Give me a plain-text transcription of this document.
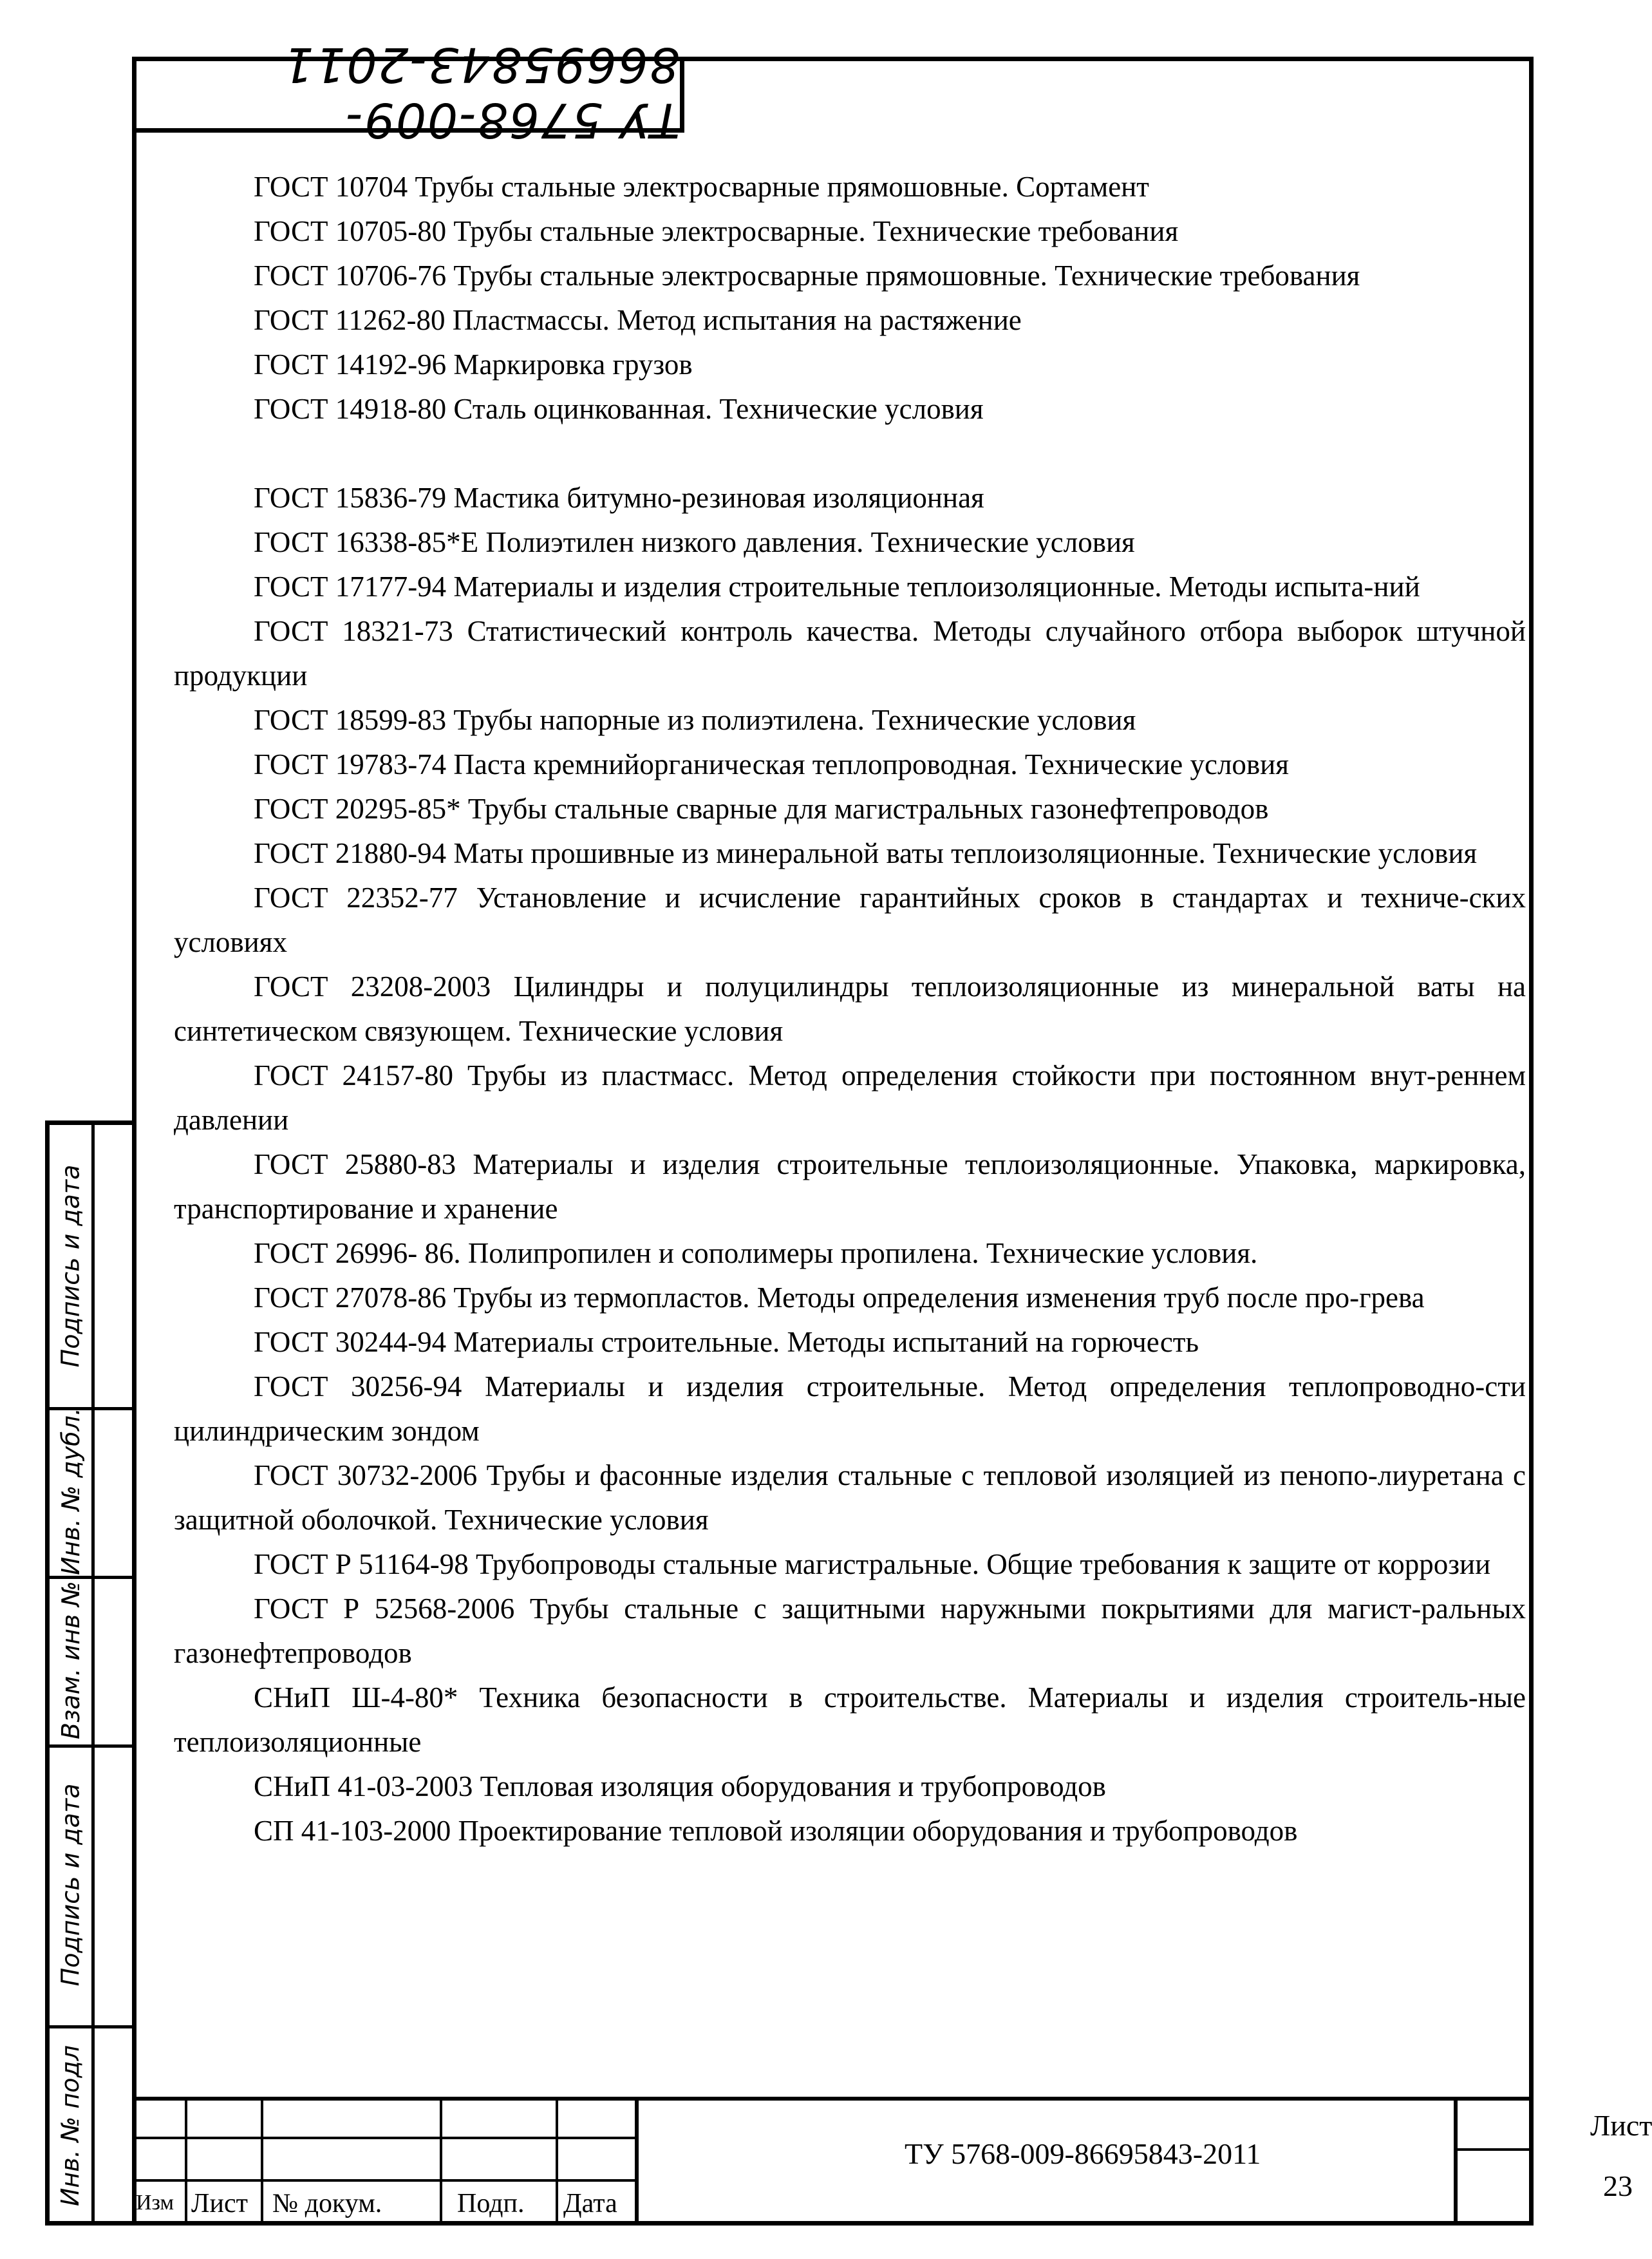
ТУ 5768-009-86695843-2011

ГОСТ 10704 Трубы стальные электросварные прямошовные. Сортамент

ГОСТ 10705-80 Трубы стальные электросварные. Технические требования

ГОСТ 10706-76 Трубы стальные электросварные прямошовные. Технические требования

ГОСТ 11262-80 Пластмассы. Метод испытания на растяжение

ГОСТ 14192-96 Маркировка грузов

ГОСТ 14918-80 Сталь оцинкованная. Технические условия

ГОСТ 15836-79 Мастика битумно-резиновая изоляционная

ГОСТ 16338-85*Е Полиэтилен низкого давления. Технические условия

ГОСТ 17177-94 Материалы и изделия строительные теплоизоляционные. Методы испыта-ний

ГОСТ 18321-73 Статистический контроль качества. Методы случайного отбора выборок штучной продукции

ГОСТ 18599-83 Трубы напорные из полиэтилена. Технические условия

ГОСТ 19783-74 Паста кремнийорганическая теплопроводная. Технические условия

ГОСТ 20295-85* Трубы стальные сварные для магистральных газонефтепроводов

ГОСТ 21880-94 Маты прошивные из минеральной ваты теплоизоляционные. Технические условия

ГОСТ 22352-77 Установление и исчисление гарантийных сроков в стандартах и техниче-ских условиях

ГОСТ 23208-2003 Цилиндры и полуцилиндры теплоизоляционные из минеральной ваты на синтетическом связующем. Технические условия

ГОСТ 24157-80 Трубы из пластмасс. Метод определения стойкости при постоянном внут-реннем давлении

ГОСТ 25880-83 Материалы и изделия строительные теплоизоляционные. Упаковка, маркировка, транспортирование и хранение

ГОСТ 26996- 86. Полипропилен и сополимеры пропилена. Технические условия.

ГОСТ 27078-86 Трубы из термопластов. Методы определения изменения труб после про-грева

ГОСТ 30244-94 Материалы строительные. Методы испытаний на горючесть

ГОСТ 30256-94 Материалы и изделия строительные. Метод определения теплопроводно-сти цилиндрическим зондом

ГОСТ 30732-2006 Трубы и фасонные изделия стальные с тепловой изоляцией из пенопо-лиуретана с защитной оболочкой. Технические условия

ГОСТ Р 51164-98 Трубопроводы стальные магистральные. Общие требования к защите от коррозии

ГОСТ Р 52568-2006 Трубы стальные с защитными наружными покрытиями для магист-ральных газонефтепроводов

СНиП Ш-4-80* Техника безопасности в строительстве. Материалы и изделия строитель-ные теплоизоляционные

СНиП 41-03-2003 Тепловая изоляция оборудования и трубопроводов

СП 41-103-2000 Проектирование тепловой изоляции оборудования и трубопроводов

Подпись и дата
Инв. № дубл.
Взам. инв №
Подпись и дата
Инв. № подл Изм Лист № докум.	Подп. Дата
ТУ 5768-009-86695843-2011
Лист
23
